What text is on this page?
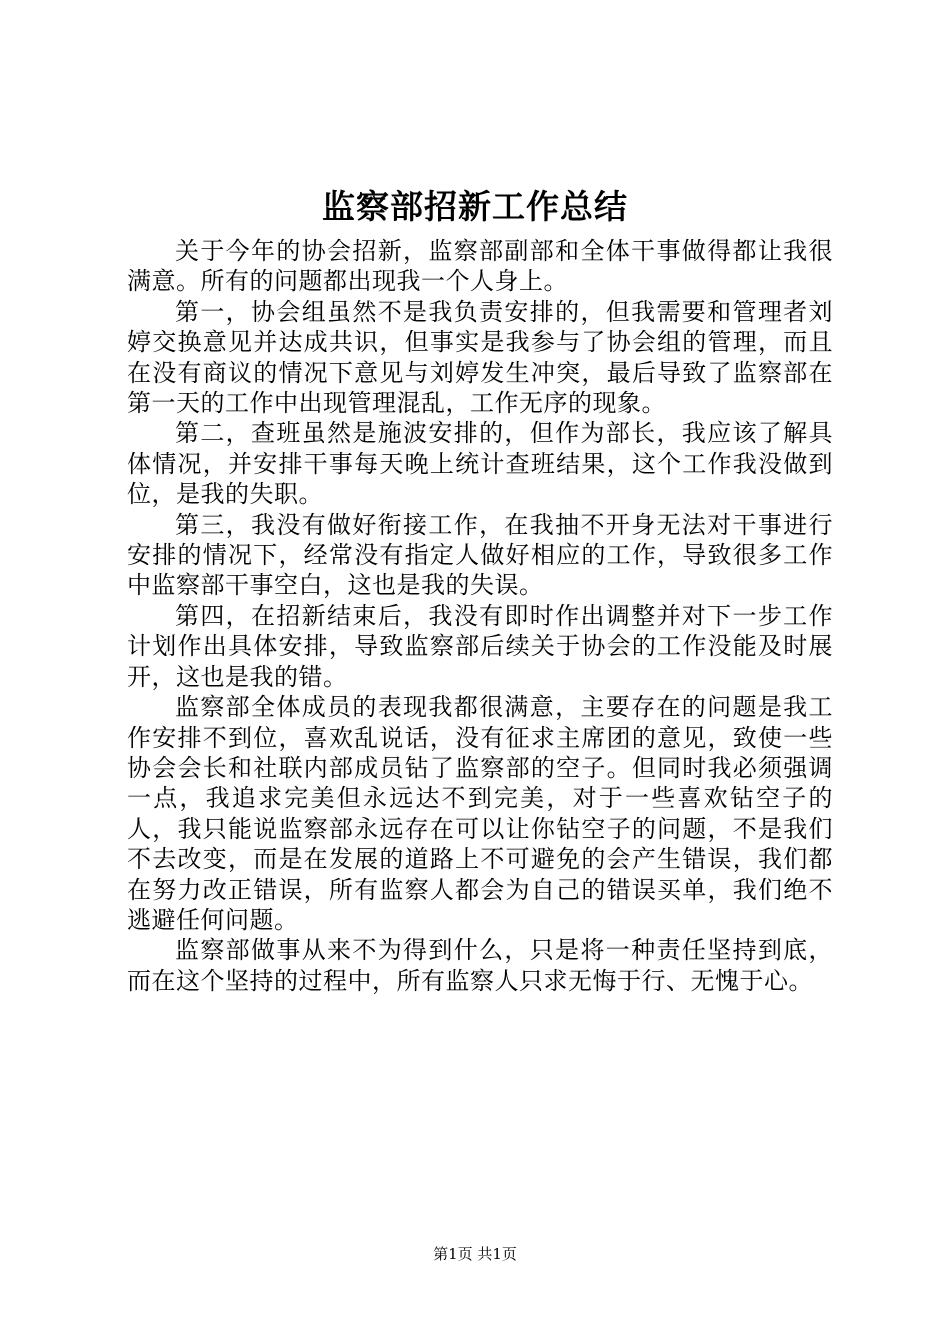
监察部招新工作总结

关于今年的协会招新，监察部副部和全体干事做得都让我很满意。所有的问题都出现我一个人身上。

第一，协会组虽然不是我负责安排的，但我需要和管理者刘婷交换意见并达成共识，但事实是我参与了协会组的管理，而且在没有商议的情况下意见与刘婷发生冲突，最后导致了监察部在第一天的工作中出现管理混乱，工作无序的现象。

第二，查班虽然是施波安排的，但作为部长，我应该了解具体情况，并安排干事每天晚上统计查班结果，这个工作我没做到位，是我的失职。

第三，我没有做好衔接工作，在我抽不开身无法对干事进行安排的情况下，经常没有指定人做好相应的工作，导致很多工作中监察部干事空白，这也是我的失误。

第四，在招新结束后，我没有即时作出调整并对下一步工作计划作出具体安排，导致监察部后续关于协会的工作没能及时展开，这也是我的错。

监察部全体成员的表现我都很满意，主要存在的问题是我工作安排不到位，喜欢乱说话，没有征求主席团的意见，致使一些协会会长和社联内部成员钻了监察部的空子。但同时我必须强调一点，我追求完美但永远达不到完美，对于一些喜欢钻空子的人，我只能说监察部永远存在可以让你钻空子的问题，不是我们不去改变，而是在发展的道路上不可避免的会产生错误，我们都在努力改正错误，所有监察人都会为自己的错误买单，我们绝不逃避任何问题。

监察部做事从来不为得到什么，只是将一种责任坚持到底，而在这个坚持的过程中，所有监察人只求无悔于行、无愧于心。

第1页 共1页
